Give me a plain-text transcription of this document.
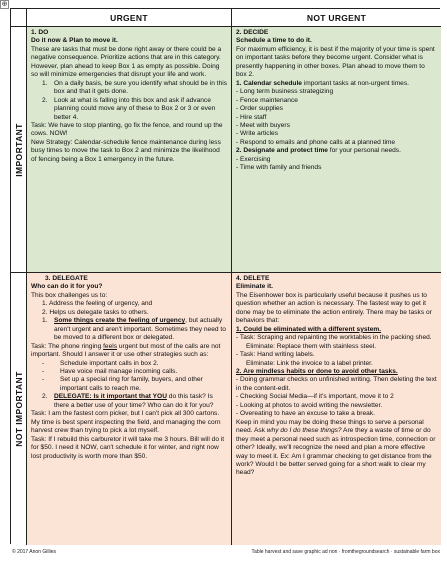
⊕
URGENT	NOT URGENT
IMPORTANT

1. DO

Do it now & Plan to move it.

These are tasks that must be done right away or there could be a negative consequence. Prioritize actions that are in this category. However, plan ahead to keep Box 1 as empty as possible. Doing so will minimize emergencies that disrupt your life and work.

1. On a daily basis, be sure you identify what should be in this box and that it gets done.
2. Look at what is falling into this box and ask if advance planning could move any of these to Box 2 or 3 or even better 4.

Task: We have to stop planting, go fix the fence, and round up the cows. NOW!

New Strategy: Calendar-schedule fence maintenance during less busy times to move the task to Box 2 and minimize the likelihood of fencing being a Box 1 emergency in the future.

2. DECIDE

Schedule a time to do it.

For maximum efficiency, it is best if the majority of your time is spent on important tasks before they become urgent. Consider what is presently happening in other boxes. Plan ahead to move them to box 2.

1. Calendar schedule important tasks at non-urgent times.

- Long term business strategizing

- Fence maintenance

- Order supplies

- Hire staff

- Meet with buyers

- Write articles

- Respond to emails and phone calls at a planned time

2. Designate and protect time for your personal needs.

- Exercising

- Time with family and friends

NOT IMPORTANT

3. DELEGATE

Who can do it for you?

This box challenges us to:

1. Address the feeling of urgency, and

2. Helps us delegate tasks to others.

1. Some things create the feeling of urgency, but actually aren't urgent and aren't important. Sometimes they need to be moved to a different box or delegated.

Task: The phone ringing feels urgent but most of the calls are not important. Should I answer it or use other strategies such as:

-	Schedule important calls in box 2.
-	Have voice mail manage incoming calls.
-	Set up a special ring for family, buyers, and other important calls to reach me.
2. DELEGATE: Is it important that YOU do this task? Is there a better use of your time? Who can do it for you?

Task: I am the fastest corn picker, but I can't pick all 300 cartons. My time is best spent inspecting the field, and managing the corn harvest crew than trying to pick a lot myself.

Task: If I rebuild this carburetor it will take me 3 hours. Bill will do it for $50. I need it NOW, can't schedule it for winter, and right now lost productivity is worth more than $50.

4. DELETE

Eliminate it.

The Eisenhower box is particularly useful because it pushes us to question whether an action is necessary. The fastest way to get it done may be to eliminate the action entirely. There may be tasks or behaviors that:

1. Could be eliminated with a different system.

- Task: Scraping and repainting the worktables in the packing shed.

Eliminate: Replace them with stainless steel.

- Task: Hand writing labels.

Eliminate: Link the invoice to a label printer.

2. Are mindless habits or done to avoid other tasks.

- Doing grammar checks on unfinished writing. Then deleting the text in the content-edit.

- Checking Social Media—if it's important, move it to 2

- Looking at photos to avoid writing the newsletter.

- Overeating to have an excuse to take a break.

Keep in mind you may be doing these things to serve a personal need. Ask why do I do these things? Are they a waste of time or do they meet a personal need such as introspection time, connection or other? Ideally, we'll recognize the need and plan a more effective way to meet it. Ex: Am I grammar checking to get distance from the work? Would I be better served going for a short walk to clear my head?

© 2017 Anon Gillies	Table harvest and save graphic ad non · fromthegroundsearch · sustainable farm box
